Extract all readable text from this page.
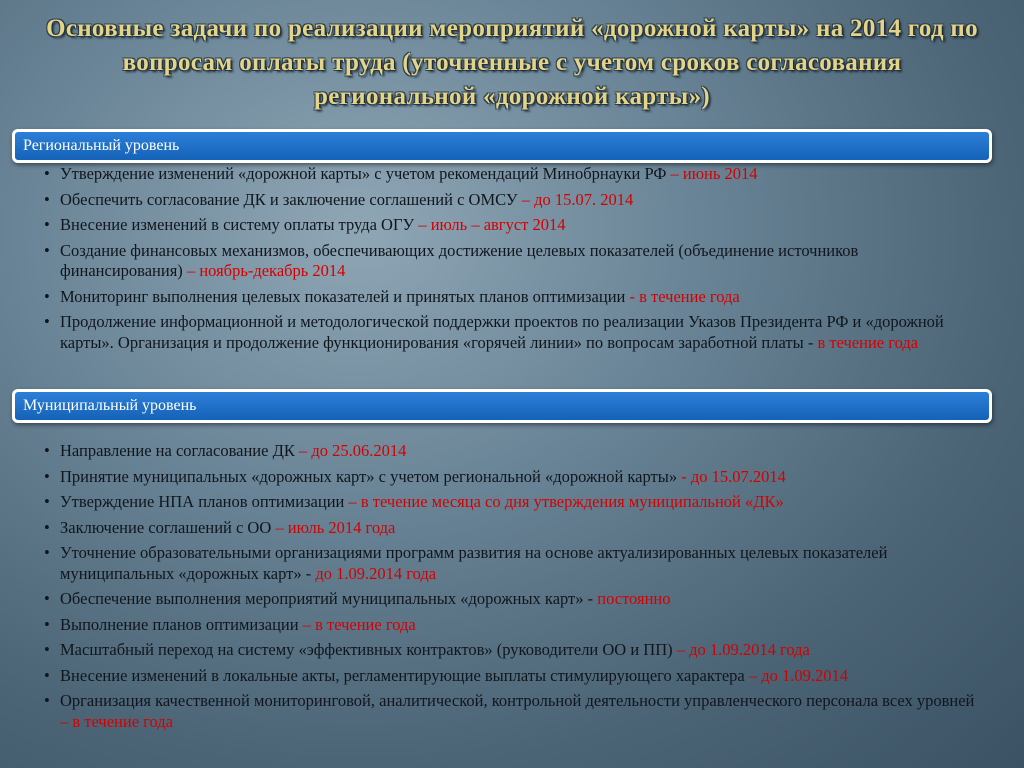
Основные задачи по реализации мероприятий «дорожной карты» на 2014 год по вопросам оплаты труда (уточненные с учетом сроков согласования региональной «дорожной карты»)
Региональный уровень
• Утверждение изменений «дорожной карты» с учетом рекомендаций Минобрнауки РФ – июнь 2014
• Обеспечить согласование ДК и заключение соглашений с ОМСУ – до 15.07. 2014
• Внесение изменений в систему оплаты труда ОГУ – июль – август 2014
• Создание финансовых механизмов, обеспечивающих достижение целевых показателей (объединение источников финансирования) – ноябрь-декабрь 2014
• Мониторинг выполнения целевых показателей и принятых планов оптимизации - в течение года
• Продолжение информационной и методологической поддержки проектов по реализации Указов Президента РФ и «дорожной карты». Организация и продолжение функционирования «горячей линии» по вопросам заработной платы - в течение года
Муниципальный уровень
• Направление на согласование ДК – до 25.06.2014
• Принятие муниципальных «дорожных карт» с учетом региональной «дорожной карты» - до 15.07.2014
• Утверждение НПА планов оптимизации – в течение месяца со дня утверждения муниципальной «ДК»
• Заключение соглашений с ОО – июль 2014 года
• Уточнение образовательными организациями программ развития на основе актуализированных целевых показателей муниципальных «дорожных карт» - до 1.09.2014 года
• Обеспечение выполнения мероприятий муниципальных «дорожных карт» - постоянно
• Выполнение планов оптимизации – в течение года
• Масштабный переход на систему «эффективных контрактов» (руководители ОО и ПП) – до 1.09.2014 года
• Внесение изменений в локальные акты, регламентирующие выплаты стимулирующего характера – до 1.09.2014
• Организация качественной мониторинговой, аналитической, контрольной деятельности управленческого персонала всех уровней – в течение года
